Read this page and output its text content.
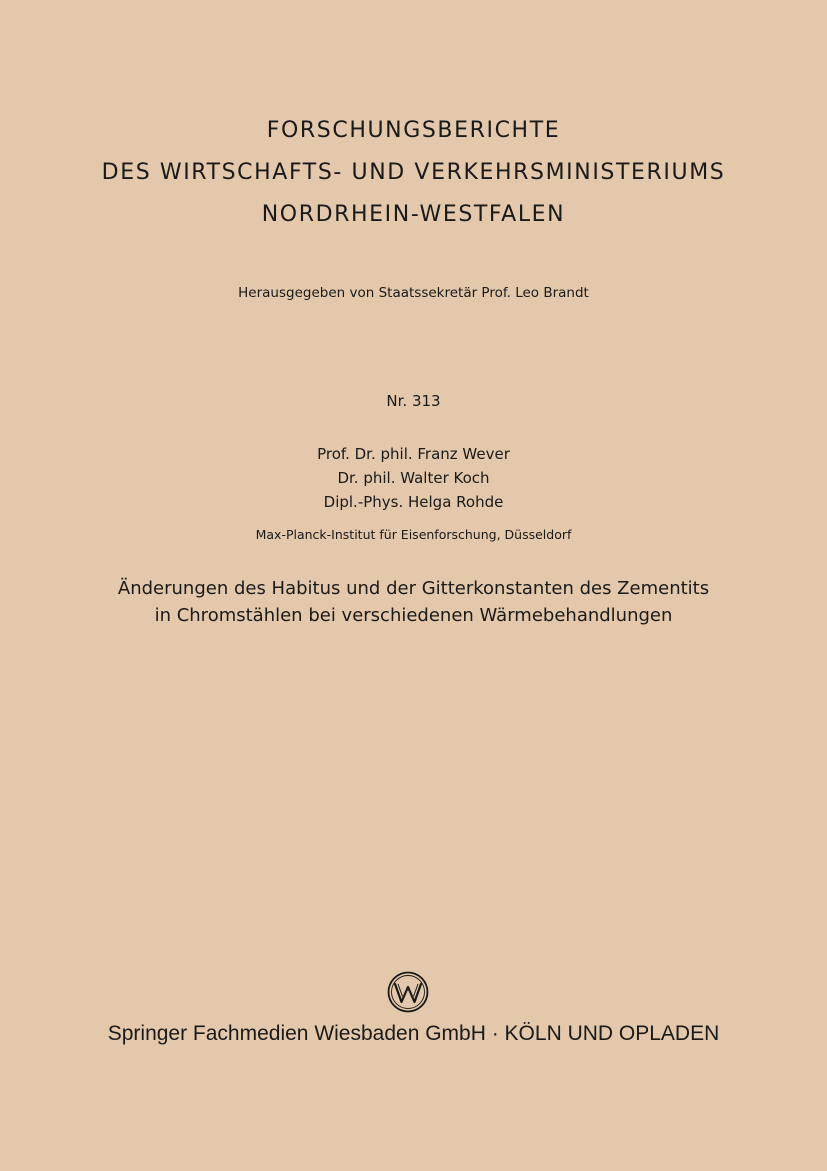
FORSCHUNGSBERICHTE
DES WIRTSCHAFTS- UND VERKEHRSMINISTERIUMS
NORDRHEIN-WESTFALEN
Herausgegeben von Staatssekretär Prof. Leo Brandt
Nr. 313
Prof. Dr. phil. Franz Wever
Dr. phil. Walter Koch
Dipl.-Phys. Helga Rohde
Max-Planck-Institut für Eisenforschung, Düsseldorf
Änderungen des Habitus und der Gitterkonstanten des Zementits
in Chromstählen bei verschiedenen Wärmebehandlungen
Springer Fachmedien Wiesbaden GmbH · KÖLN UND OPLADEN
